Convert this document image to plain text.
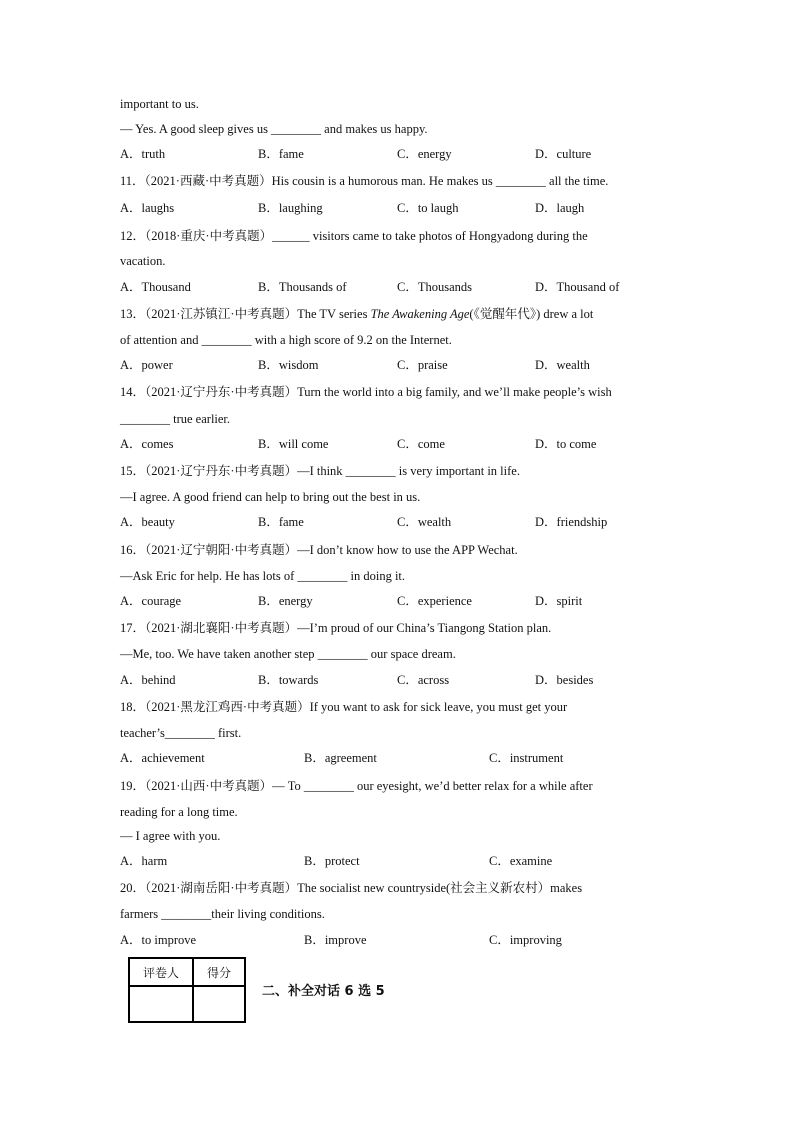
important to us.
— Yes. A good sleep gives us ________ and makes us happy.
A．truth	B．fame	C．energy	D．culture
11．（2021·西藏·中考真题）His cousin is a humorous man. He makes us ________ all the time.
A．laughs	B．laughing	C．to laugh	D．laugh
12．（2018·重庆·中考真题）______ visitors came to take photos of Hongyadong during the
vacation.
A．Thousand	B．Thousands of	C．Thousands	D．Thousand of
13．（2021·江苏镇江·中考真题）The TV series The Awakening Age(《觉醒年代》) drew a lot
of attention and ________ with a high score of 9.2 on the Internet.
A．power	B．wisdom	C．praise	D．wealth
14．（2021·辽宁丹东·中考真题）Turn the world into a big family, and we’ll make people’s wish
________ true earlier.
A．comes	B．will come	C．come	D．to come
15．（2021·辽宁丹东·中考真题）—I think ________ is very important in life.
—I agree. A good friend can help to bring out the best in us.
A．beauty	B．fame	C．wealth	D．friendship
16．（2021·辽宁朝阳·中考真题）—I don’t know how to use the APP Wechat.
—Ask Eric for help. He has lots of ________ in doing it.
A．courage	B．energy	C．experience	D．spirit
17．（2021·湖北襄阳·中考真题）—I’m proud of our China’s Tiangong Station plan.
—Me, too. We have taken another step ________ our space dream.
A．behind	B．towards	C．across	D．besides
18．（2021·黑龙江鸡西·中考真题）If you want to ask for sick leave, you must get your
teacher’s________ first.
A．achievement	B．agreement	C．instrument
19．（2021·山西·中考真题）— To ________ our eyesight, we’d better relax for a while after
reading for a long time.
— I agree with you.
A．harm	B．protect	C．examine
20．（2021·湖南岳阳·中考真题）The socialist new countryside(社会主义新农村）makes
farmers ________their living conditions.
A．to improve	B．improve	C．improving
评卷人	得分

二、补全对话 6 选 5
